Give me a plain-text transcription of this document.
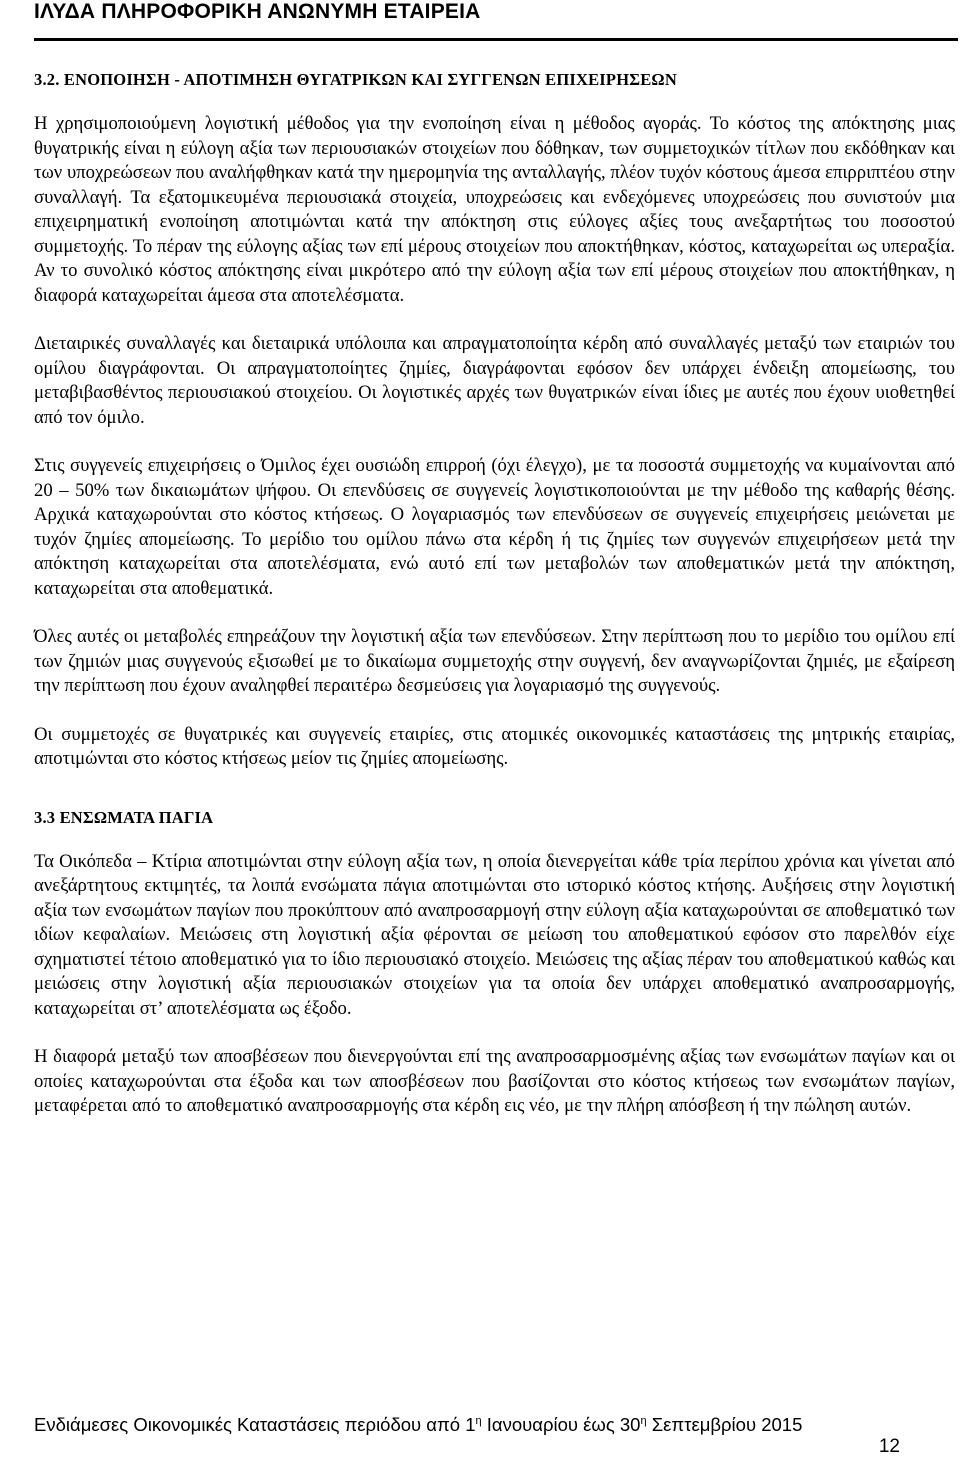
ΙΛΥΔΑ ΠΛΗΡΟΦΟΡΙΚΗ ΑΝΩΝΥΜΗ ΕΤΑΙΡΕΙΑ
3.2. ΕΝΟΠΟΙΗΣΗ - ΑΠΟΤΙΜΗΣΗ ΘΥΓΑΤΡΙΚΩΝ ΚΑΙ ΣΥΓΓΕΝΩΝ ΕΠΙΧΕΙΡΗΣΕΩΝ

Η χρησιμοποιούμενη λογιστική μέθοδος για την ενοποίηση είναι η μέθοδος αγοράς. Το κόστος της απόκτησης μιας θυγατρικής είναι η εύλογη αξία των περιουσιακών στοιχείων που δόθηκαν, των συμμετοχικών τίτλων που εκδόθηκαν και των υποχρεώσεων που αναλήφθηκαν κατά την ημερομηνία της ανταλλαγής, πλέον τυχόν κόστους άμεσα επιρριπτέου στην συναλλαγή. Τα εξατομικευμένα περιουσιακά στοιχεία, υποχρεώσεις και ενδεχόμενες υποχρεώσεις που συνιστούν μια επιχειρηματική ενοποίηση αποτιμώνται κατά την απόκτηση στις εύλογες αξίες τους ανεξαρτήτως του ποσοστού συμμετοχής. Το πέραν της εύλογης αξίας των επί μέρους στοιχείων που αποκτήθηκαν, κόστος, καταχωρείται ως υπεραξία. Αν το συνολικό κόστος απόκτησης είναι μικρότερο από την εύλογη αξία των επί μέρους στοιχείων που αποκτήθηκαν, η διαφορά καταχωρείται άμεσα στα αποτελέσματα.

Διεταιρικές συναλλαγές και διεταιρικά υπόλοιπα και απραγματοποίητα κέρδη από συναλλαγές μεταξύ των εταιριών του ομίλου διαγράφονται. Οι απραγματοποίητες ζημίες, διαγράφονται εφόσον δεν υπάρχει ένδειξη απομείωσης, του μεταβιβασθέντος περιουσιακού στοιχείου. Οι λογιστικές αρχές των θυγατρικών είναι ίδιες με αυτές που έχουν υιοθετηθεί από τον όμιλο.

Στις συγγενείς επιχειρήσεις ο Όμιλος έχει ουσιώδη επιρροή (όχι έλεγχο), με τα ποσοστά συμμετοχής να κυμαίνονται από 20 – 50% των δικαιωμάτων ψήφου. Οι επενδύσεις σε συγγενείς λογιστικοποιούνται με την μέθοδο της καθαρής θέσης. Αρχικά καταχωρούνται στο κόστος κτήσεως. Ο λογαριασμός των επενδύσεων σε συγγενείς επιχειρήσεις μειώνεται με τυχόν ζημίες απομείωσης. Το μερίδιο του ομίλου πάνω στα κέρδη ή τις ζημίες των συγγενών επιχειρήσεων μετά την απόκτηση καταχωρείται στα αποτελέσματα, ενώ αυτό επί των μεταβολών των αποθεματικών μετά την απόκτηση, καταχωρείται στα αποθεματικά.

Όλες αυτές οι μεταβολές επηρεάζουν την λογιστική αξία των επενδύσεων. Στην περίπτωση που το μερίδιο του ομίλου επί των ζημιών μιας συγγενούς εξισωθεί με το δικαίωμα συμμετοχής στην συγγενή, δεν αναγνωρίζονται ζημιές, με εξαίρεση την περίπτωση που έχουν αναληφθεί περαιτέρω δεσμεύσεις για λογαριασμό της συγγενούς.

Οι συμμετοχές σε θυγατρικές και συγγενείς εταιρίες, στις ατομικές οικονομικές καταστάσεις της μητρικής εταιρίας, αποτιμώνται στο κόστος κτήσεως μείον τις ζημίες απομείωσης.

3.3 ΕΝΣΩΜΑΤΑ ΠΑΓΙΑ

Τα Οικόπεδα – Κτίρια αποτιμώνται στην εύλογη αξία των, η οποία διενεργείται κάθε τρία περίπου χρόνια και γίνεται από ανεξάρτητους εκτιμητές, τα λοιπά ενσώματα πάγια αποτιμώνται στο ιστορικό κόστος κτήσης. Αυξήσεις στην λογιστική αξία των ενσωμάτων παγίων που προκύπτουν από αναπροσαρμογή στην εύλογη αξία καταχωρούνται σε αποθεματικό των ιδίων κεφαλαίων. Μειώσεις στη λογιστική αξία φέρονται σε μείωση του αποθεματικού εφόσον στο παρελθόν είχε σχηματιστεί τέτοιο αποθεματικό για το ίδιο περιουσιακό στοιχείο. Μειώσεις της αξίας πέραν του αποθεματικού καθώς και μειώσεις στην λογιστική αξία περιουσιακών στοιχείων για τα οποία δεν υπάρχει αποθεματικό αναπροσαρμογής, καταχωρείται στ’ αποτελέσματα ως έξοδο.

Η διαφορά μεταξύ των αποσβέσεων που διενεργούνται επί της αναπροσαρμοσμένης αξίας των ενσωμάτων παγίων και οι οποίες καταχωρούνται στα έξοδα και των αποσβέσεων που βασίζονται στο κόστος κτήσεως των ενσωμάτων παγίων, μεταφέρεται από το αποθεματικό αναπροσαρμογής στα κέρδη εις νέο, με την πλήρη απόσβεση ή την πώληση αυτών.

Ενδιάμεσες Οικονομικές Καταστάσεις περιόδου από $1^\eta$ Ιανουαρίου έως $30^\eta$ Σεπτεμβρίου 2015
12
